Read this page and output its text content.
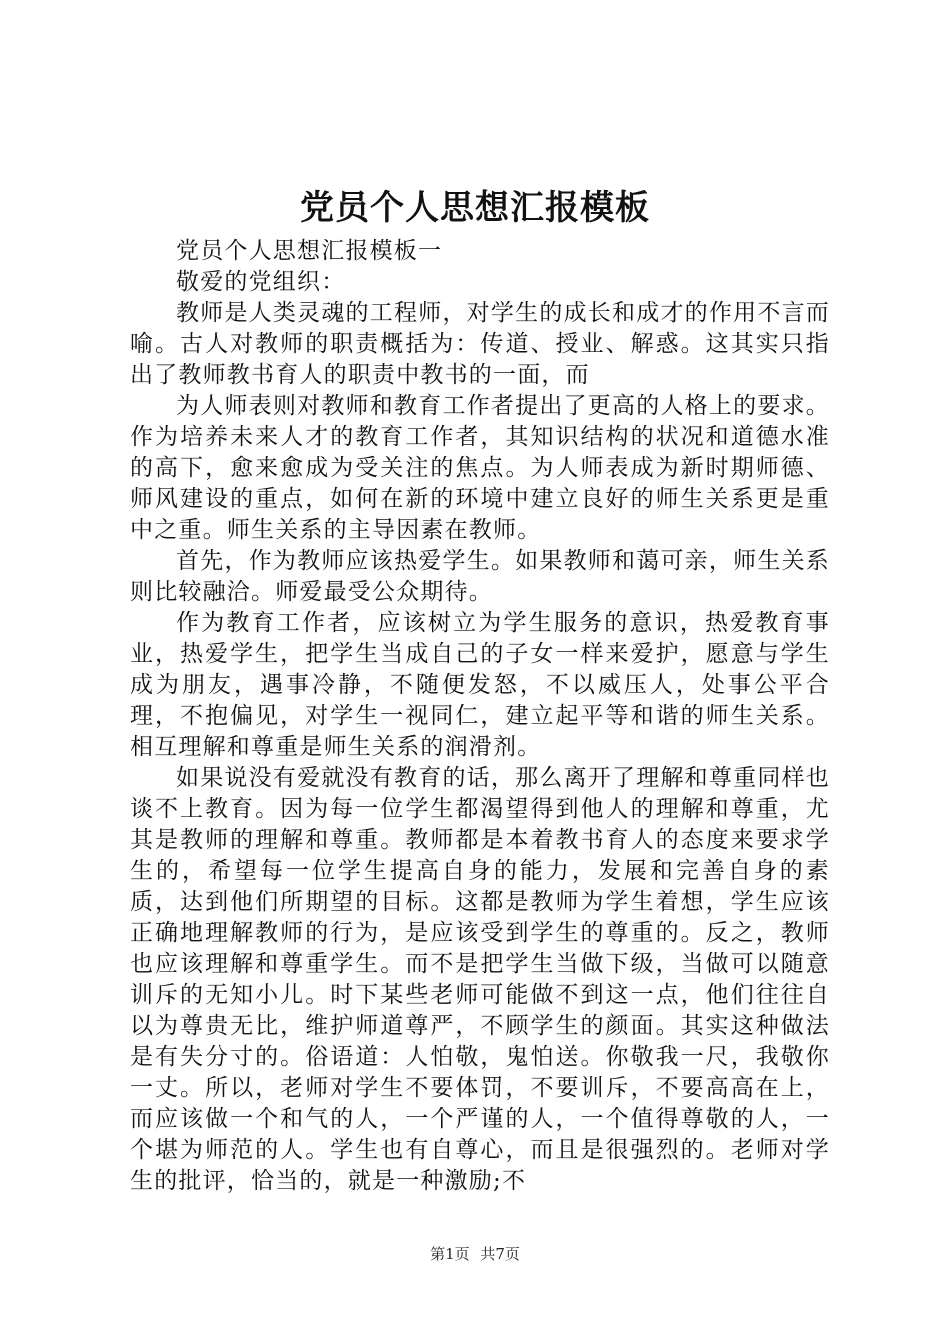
党员个人思想汇报模板

党员个人思想汇报模板一

敬爱的党组织：

教师是人类灵魂的工程师，对学生的成长和成才的作用不言而喻。古人对教师的职责概括为：传道、授业、解惑。这其实只指出了教师教书育人的职责中教书的一面，而

为人师表则对教师和教育工作者提出了更高的人格上的要求。作为培养未来人才的教育工作者，其知识结构的状况和道德水准的高下，愈来愈成为受关注的焦点。为人师表成为新时期师德、师风建设的重点，如何在新的环境中建立良好的师生关系更是重中之重。师生关系的主导因素在教师。

首先，作为教师应该热爱学生。如果教师和蔼可亲，师生关系则比较融洽。师爱最受公众期待。

作为教育工作者，应该树立为学生服务的意识，热爱教育事业，热爱学生，把学生当成自己的子女一样来爱护，愿意与学生成为朋友，遇事冷静，不随便发怒，不以威压人，处事公平合理，不抱偏见，对学生一视同仁，建立起平等和谐的师生关系。相互理解和尊重是师生关系的润滑剂。

如果说没有爱就没有教育的话，那么离开了理解和尊重同样也谈不上教育。因为每一位学生都渴望得到他人的理解和尊重，尤其是教师的理解和尊重。教师都是本着教书育人的态度来要求学生的，希望每一位学生提高自身的能力，发展和完善自身的素质，达到他们所期望的目标。这都是教师为学生着想，学生应该正确地理解教师的行为，是应该受到学生的尊重的。反之，教师也应该理解和尊重学生。而不是把学生当做下级，当做可以随意训斥的无知小儿。时下某些老师可能做不到这一点，他们往往自以为尊贵无比，维护师道尊严，不顾学生的颜面。其实这种做法是有失分寸的。俗语道：人怕敬，鬼怕送。你敬我一尺，我敬你一丈。所以，老师对学生不要体罚，不要训斥，不要高高在上，而应该做一个和气的人，一个严谨的人，一个值得尊敬的人，一个堪为师范的人。学生也有自尊心，而且是很强烈的。老师对学生的批评，恰当的，就是一种激励;不

第1页 共7页
